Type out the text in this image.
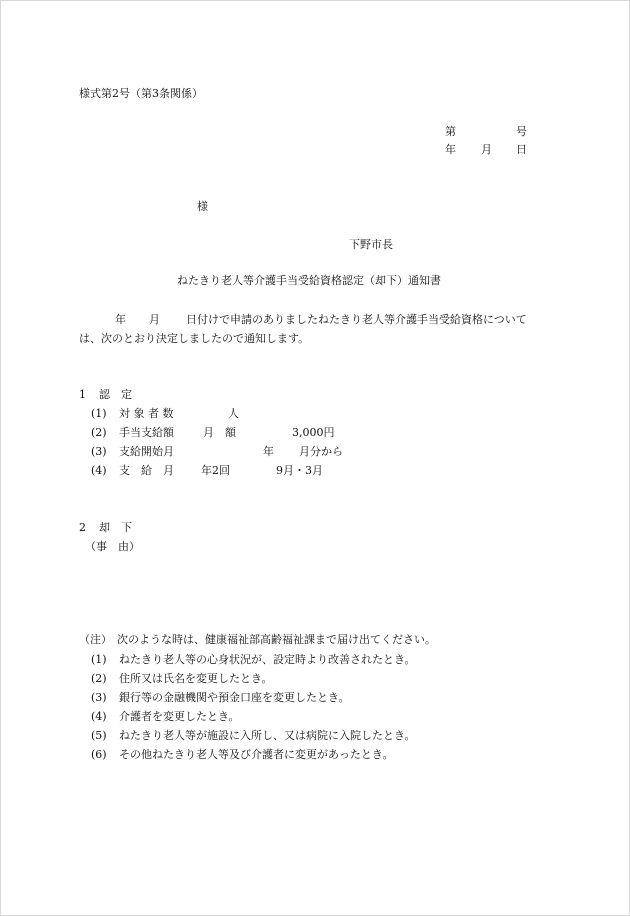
様式第2号（第3条関係）
第	号
年 月 日
様
下野市長
ねたきり老人等介護手当受給資格認定（却下）通知書
年 月 日付けで申請のありましたねたきり老人等介護手当受給資格について
は、次のとおり決定しましたので通知します。
1 認　定
(1) 対 象 者 数	人
(2) 手当支給額	月　額	3,000円
(3) 支給開始月	年 月分から
(4) 支　給　月 年2回	9月・3月
2 却　下
（事　由）
（注） 次のような時は、健康福祉部高齢福祉課まで届け出てください。
(1) ねたきり老人等の心身状況が、設定時より改善されたとき。
(2) 住所又は氏名を変更したとき。
(3) 銀行等の金融機関や預金口座を変更したとき。
(4) 介護者を変更したとき。
(5) ねたきり老人等が施設に入所し、又は病院に入院したとき。
(6) その他ねたきり老人等及び介護者に変更があったとき。
